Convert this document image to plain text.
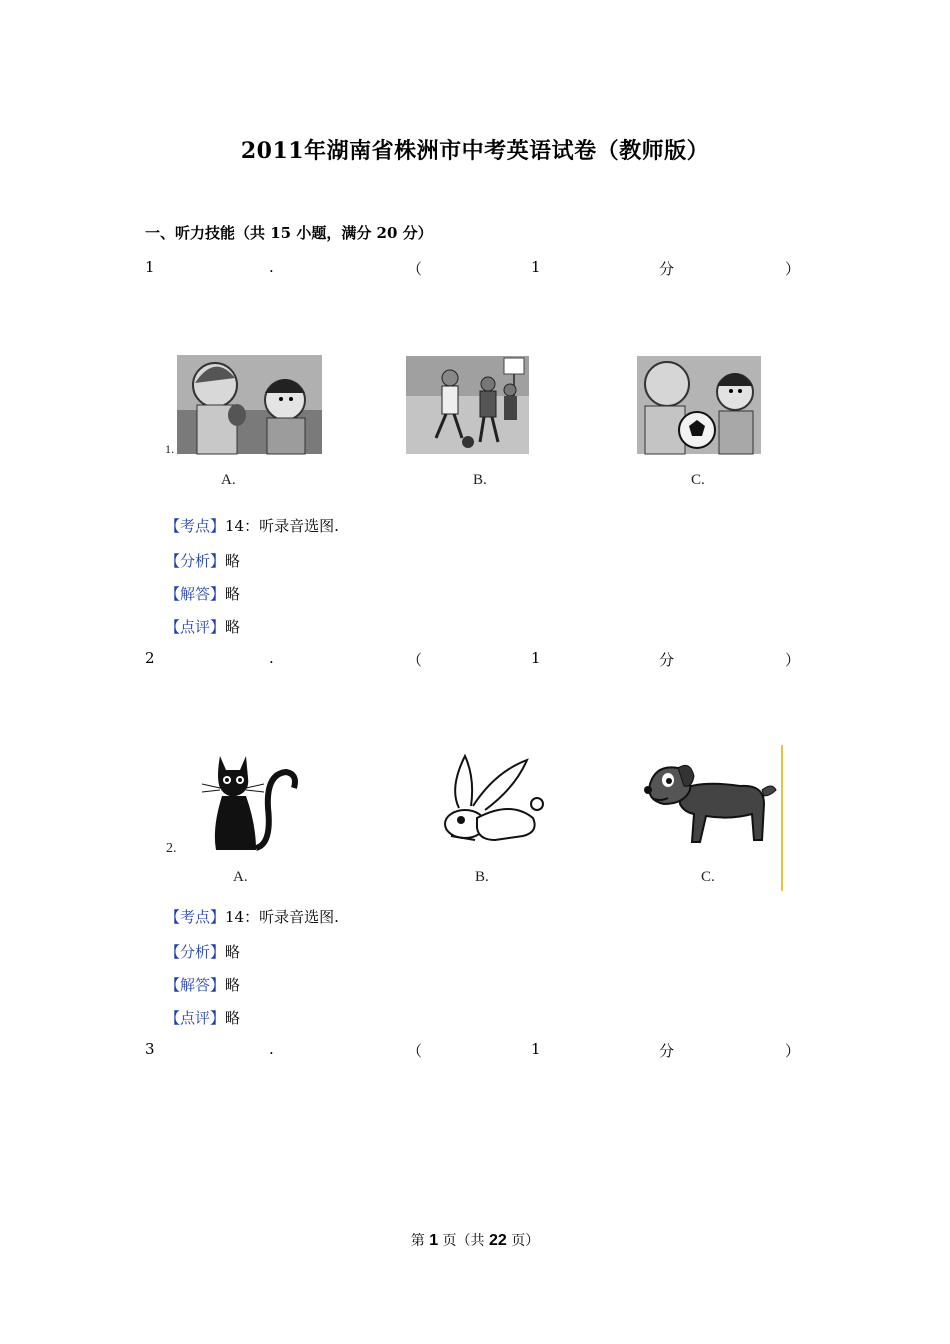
2011年湖南省株洲市中考英语试卷（教师版）
一、听力技能（共 15 小题，满分 20 分）
1	.	（	1	分	）
1.
A.	B.	C.
【考点】14：听录音选图.
【分析】略
【解答】略
【点评】略
2	.	（	1	分	）
2.
A.	B.	C.
【考点】14：听录音选图.
【分析】略
【解答】略
【点评】略
3	.	（	1	分	）
第 1 页（共 22 页）
